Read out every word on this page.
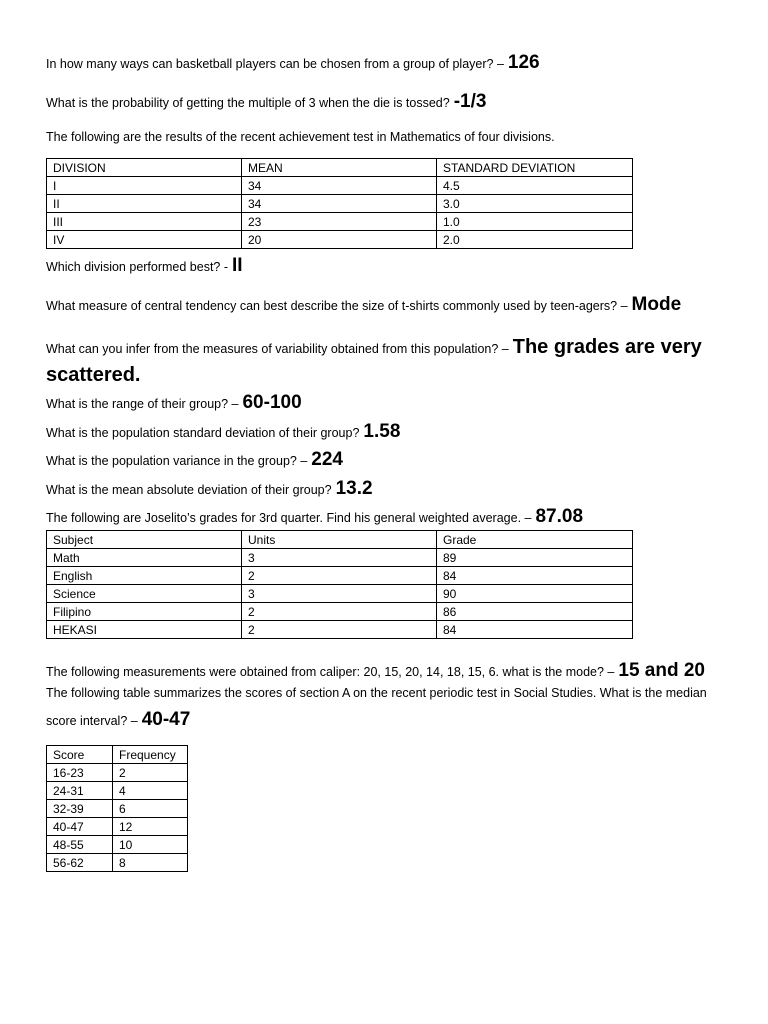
In how many ways can basketball players can be chosen from a group of player? – 126
What is the probability of getting the multiple of 3 when the die is tossed? -1/3
The following are the results of the recent achievement test in Mathematics of four divisions.
DIVISION	MEAN	STANDARD DEVIATION
I	34	4.5
II	34	3.0
III	23	1.0
IV	20	2.0
Which division performed best? - II
What measure of central tendency can best describe the size of t-shirts commonly used by teen-agers? – Mode
What can you infer from the measures of variability obtained from this population? – The grades are very
scattered.
What is the range of their group? – 60-100
What is the population standard deviation of their group? 1.58
What is the population variance in the group? – 224
What is the mean absolute deviation of their group? 13.2
The following are Joselito’s grades for 3rd quarter. Find his general weighted average. – 87.08
Subject	Units	Grade
Math	3	89
English	2	84
Science	3	90
Filipino	2	86
HEKASI	2	84
The following measurements were obtained from caliper: 20, 15, 20, 14, 18, 15, 6. what is the mode? – 15 and 20
The following table summarizes the scores of section A on the recent periodic test in Social Studies. What is the median
score interval? – 40-47
Score	Frequency
16-23	2
24-31	4
32-39	6
40-47	12
48-55	10
56-62	8
